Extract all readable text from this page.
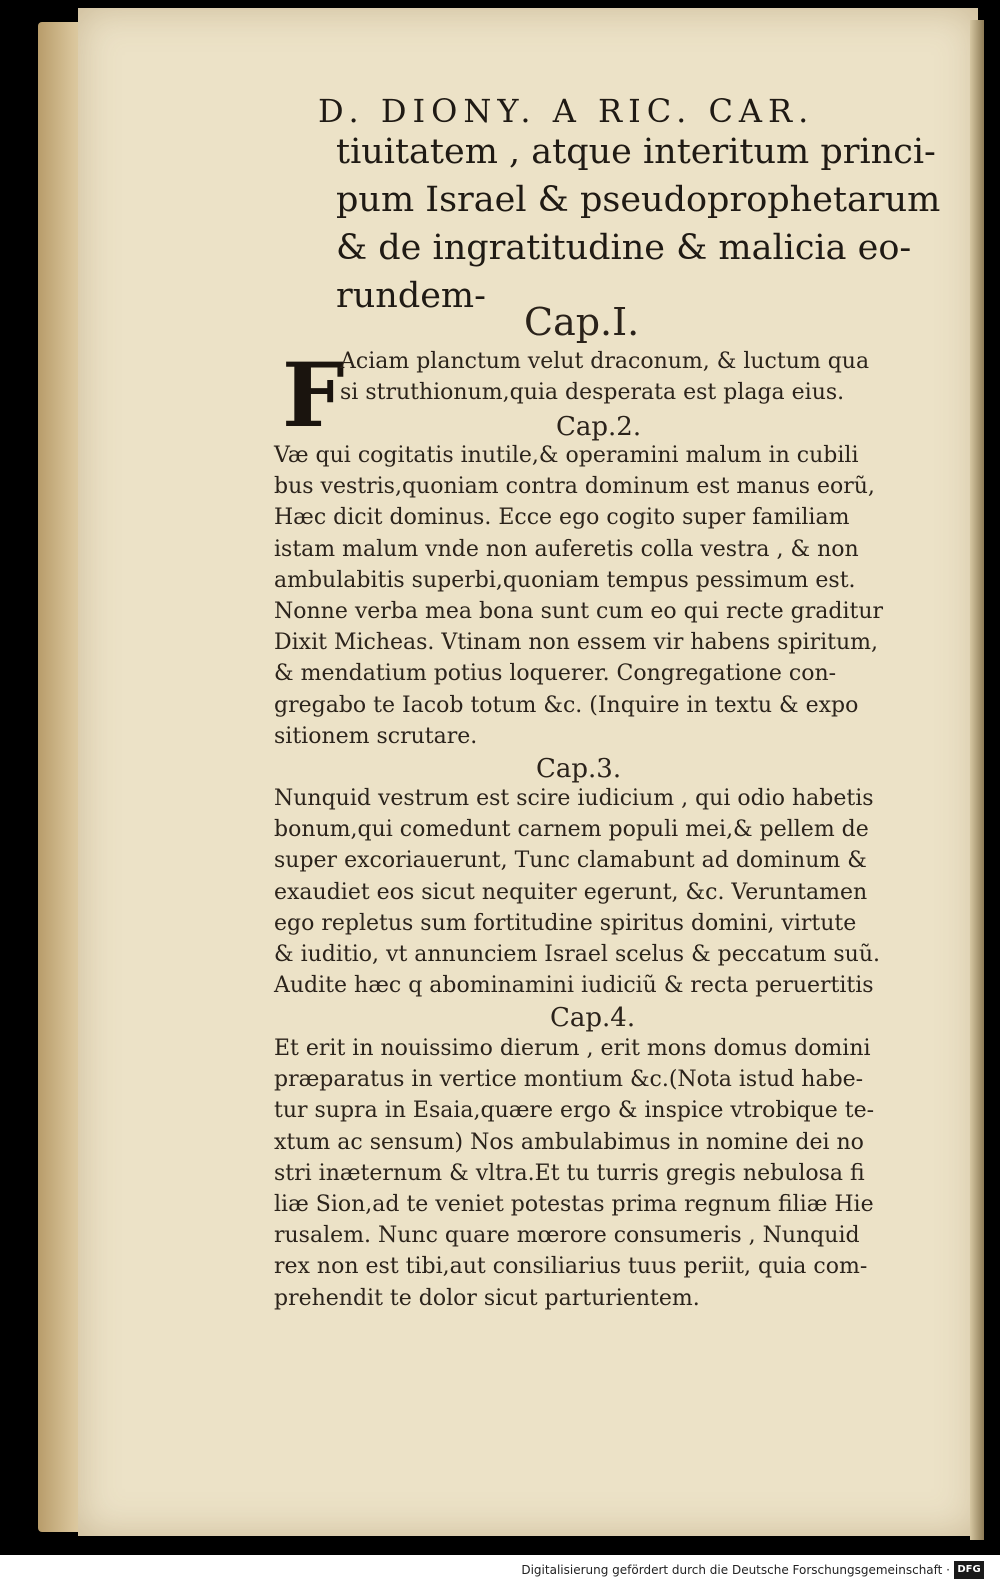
D. DIONY. A RIC. CAR.
tiuitatem , atque interitum princi-
pum Israel & pseudoprophetarum
& de ingratitudine & malicia eo-
rundem-
Cap.I.
F
Aciam planctum velut draconum, & luctum qua
si struthionum,quia desperata est plaga eius.
Cap.2.
Væ qui cogitatis inutile,& operamini malum in cubili
bus vestris,quoniam contra dominum est manus eorũ,
Hæc dicit dominus. Ecce ego cogito super familiam
istam malum vnde non auferetis colla vestra , & non
ambulabitis superbi,quoniam tempus pessimum est.
Nonne verba mea bona sunt cum eo qui recte graditur
Dixit Micheas. Vtinam non essem vir habens spiritum,
& mendatium potius loquerer. Congregatione con-
gregabo te Iacob totum &c. (Inquire in textu & expo
sitionem scrutare.
Cap.3.
Nunquid vestrum est scire iudicium , qui odio habetis
bonum,qui comedunt carnem populi mei,& pellem de
super excoriauerunt, Tunc clamabunt ad dominum &
exaudiet eos sicut nequiter egerunt, &c. Veruntamen
ego repletus sum fortitudine spiritus domini, virtute
& iuditio, vt annunciem Israel scelus & peccatum suũ.
Audite hæc q abominamini iudiciũ & recta peruertitis
Cap.4.
Et erit in nouissimo dierum , erit mons domus domini
præparatus in vertice montium &c.(Nota istud habe-
tur supra in Esaia,quære ergo & inspice vtrobique te-
xtum ac sensum) Nos ambulabimus in nomine dei no
stri inæternum & vltra.Et tu turris gregis nebulosa fi
liæ Sion,ad te veniet potestas prima regnum filiæ Hie
rusalem. Nunc quare mœrore consumeris , Nunquid
rex non est tibi,aut consiliarius tuus periit, quia com-
prehendit te dolor sicut parturientem.
Digitalisierung gefördert durch die Deutsche Forschungsgemeinschaft · DFG
